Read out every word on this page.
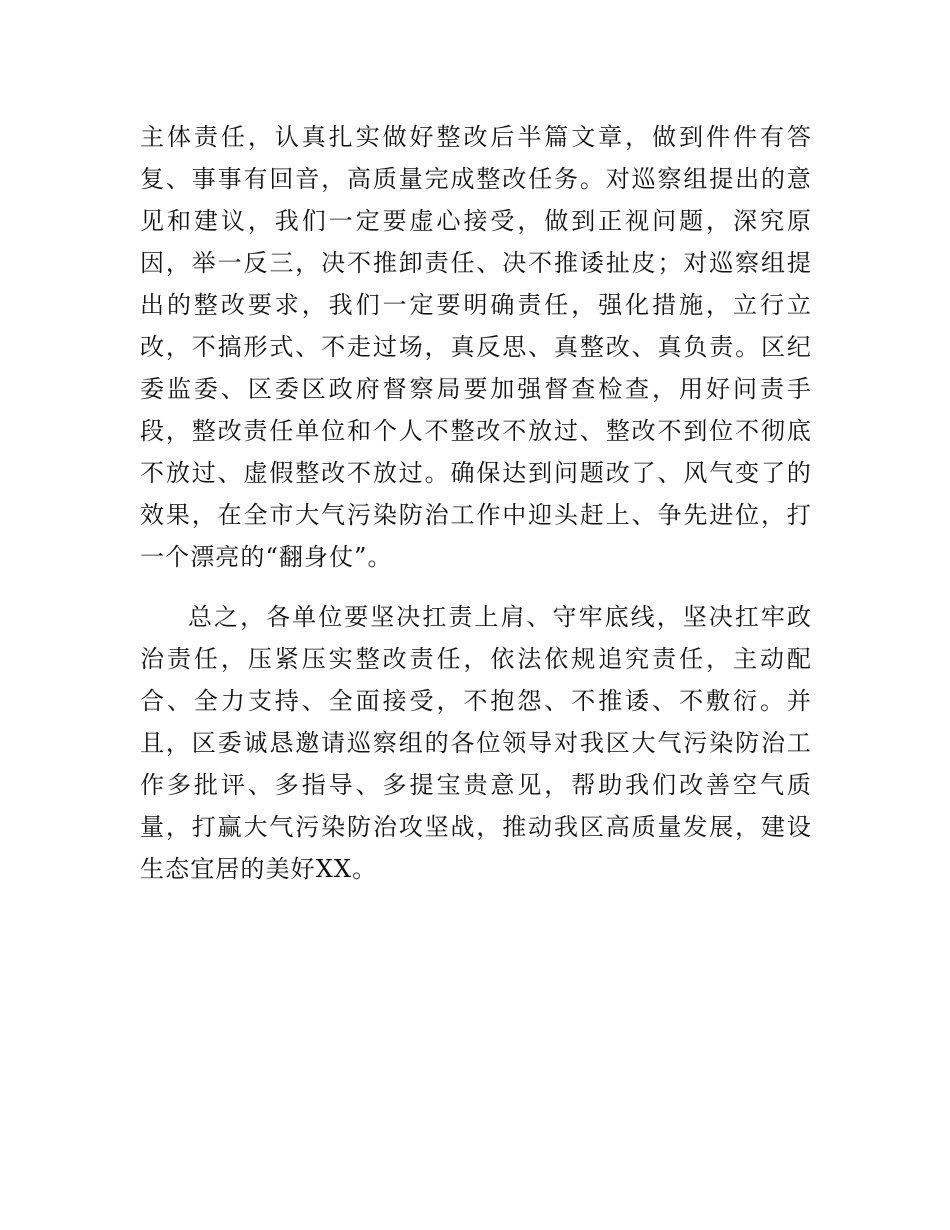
主体责任，认真扎实做好整改后半篇文章，做到件件有答复、事事有回音，高质量完成整改任务。对巡察组提出的意见和建议，我们一定要虚心接受，做到正视问题，深究原因，举一反三，决不推卸责任、决不推诿扯皮；对巡察组提出的整改要求，我们一定要明确责任，强化措施，立行立改，不搞形式、不走过场，真反思、真整改、真负责。区纪委监委、区委区政府督察局要加强督查检查，用好问责手段，整改责任单位和个人不整改不放过、整改不到位不彻底不放过、虚假整改不放过。确保达到问题改了、风气变了的效果，在全市大气污染防治工作中迎头赶上、争先进位，打一个漂亮的“翻身仗”。

总之，各单位要坚决扛责上肩、守牢底线，坚决扛牢政治责任，压紧压实整改责任，依法依规追究责任，主动配合、全力支持、全面接受，不抱怨、不推诿、不敷衍。并且，区委诚恳邀请巡察组的各位领导对我区大气污染防治工作多批评、多指导、多提宝贵意见，帮助我们改善空气质量，打赢大气污染防治攻坚战，推动我区高质量发展，建设生态宜居的美好XX。
